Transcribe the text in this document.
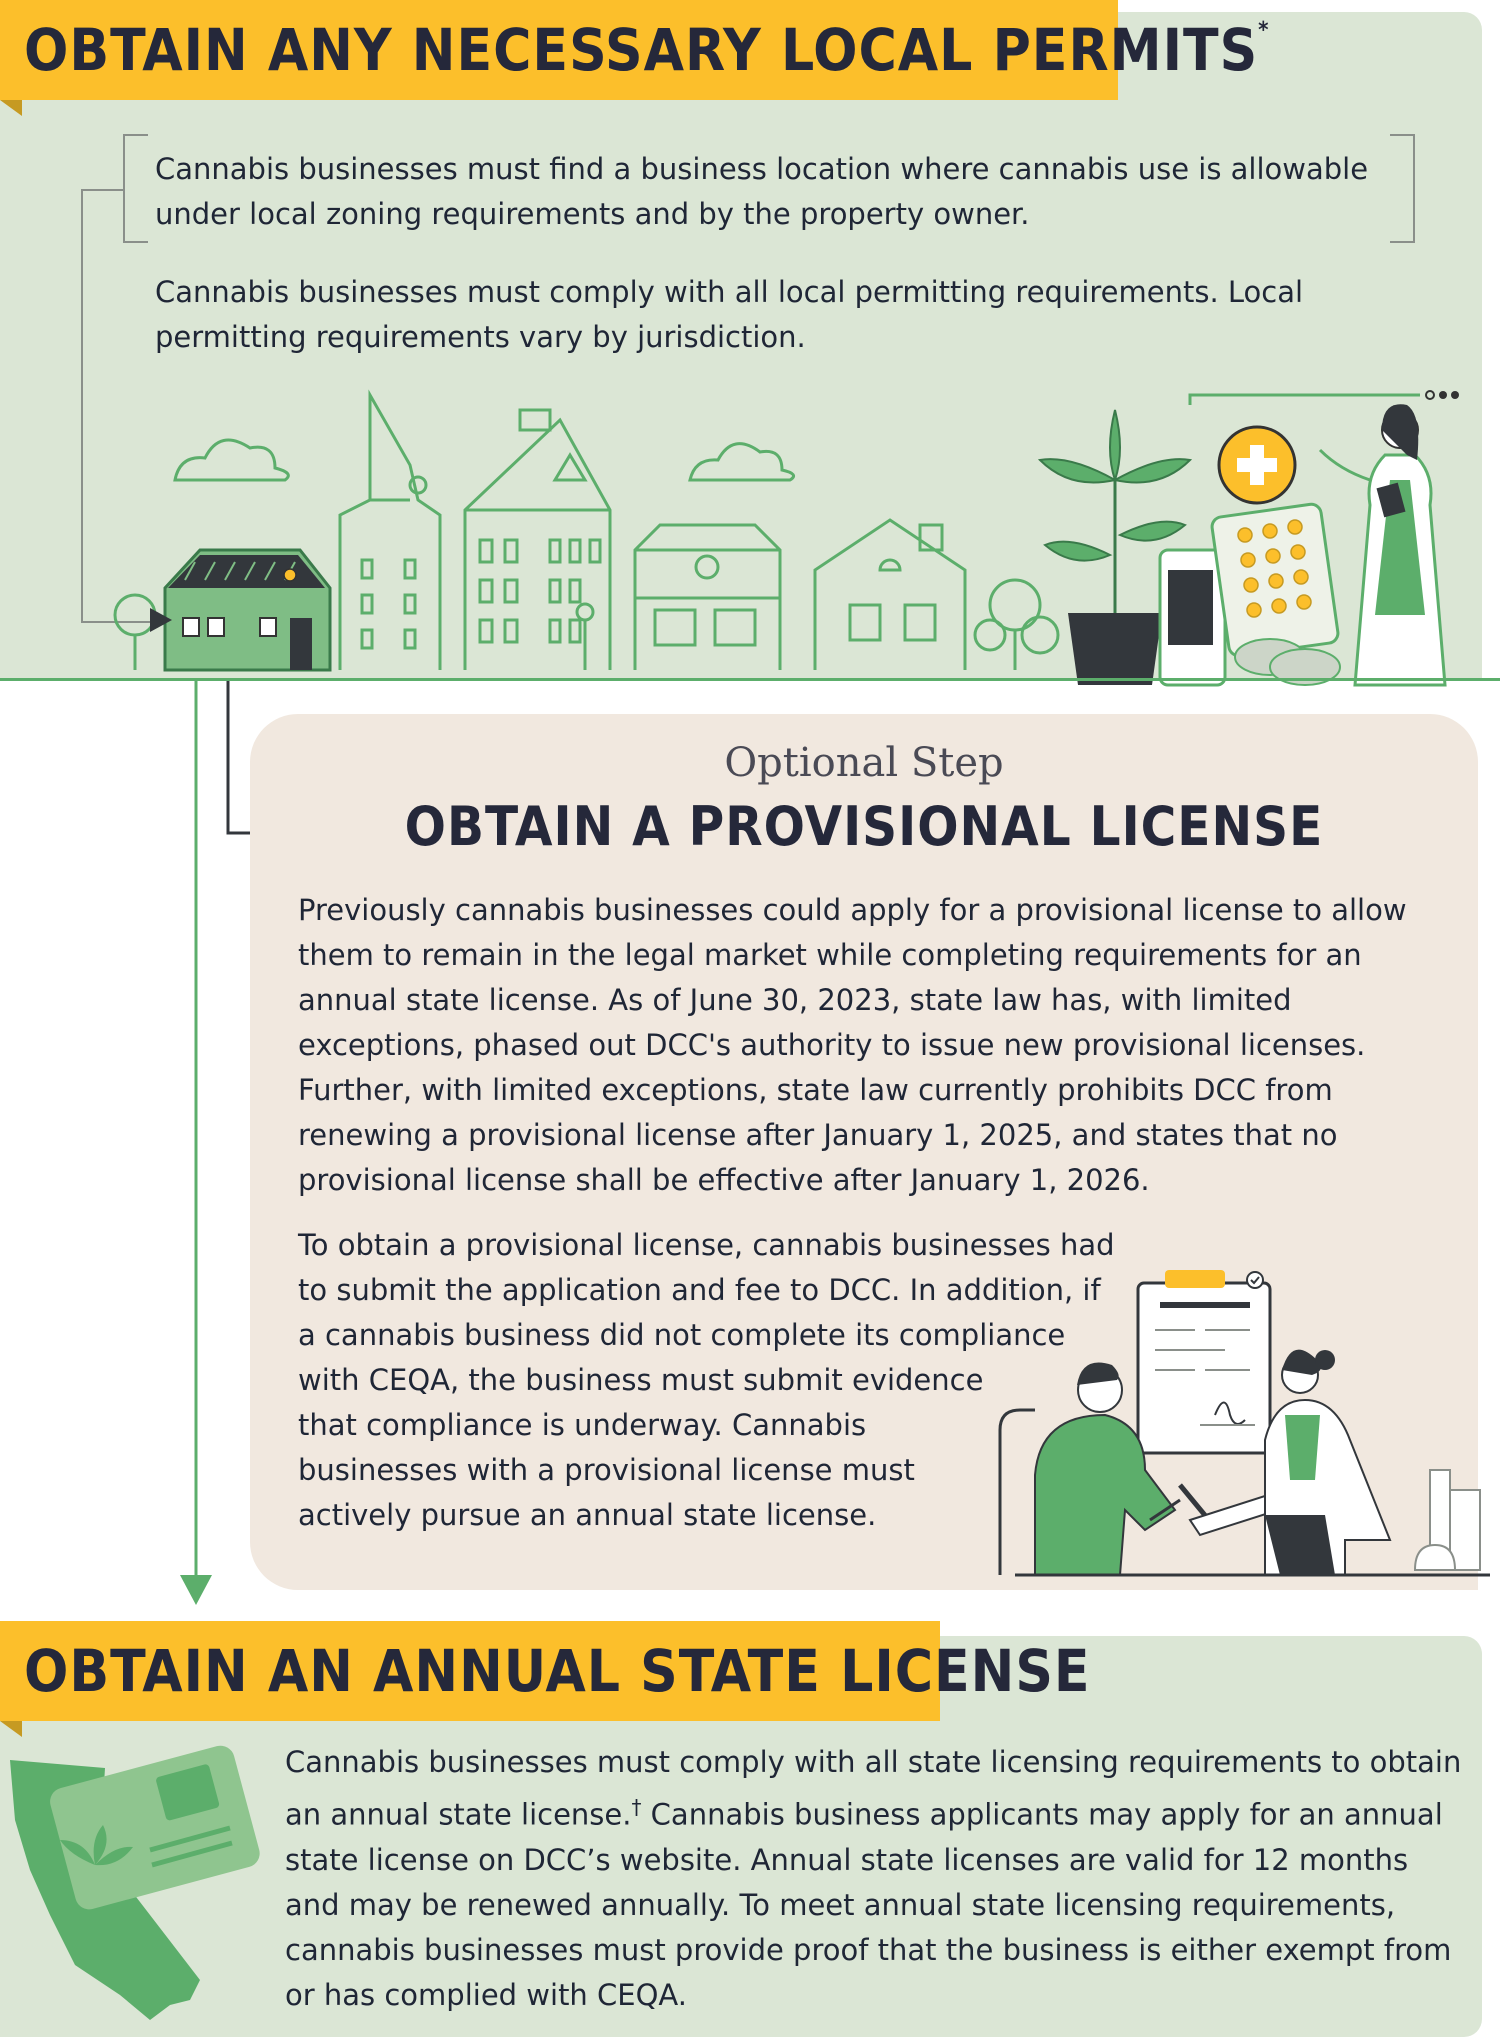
OBTAIN ANY NECESSARY LOCAL PERMITS*

Cannabis businesses must find a business location where cannabis use is allowable under local zoning requirements and by the property owner.

Cannabis businesses must comply with all local permitting requirements. Local permitting requirements vary by jurisdiction.

Optional Step
OBTAIN A PROVISIONAL LICENSE

Previously cannabis businesses could apply for a provisional license to allow them to remain in the legal market while completing requirements for an annual state license. As of June 30, 2023, state law has, with limited exceptions, phased out DCC's authority to issue new provisional licenses. Further, with limited exceptions, state law currently prohibits DCC from renewing a provisional license after January 1, 2025, and states that no provisional license shall be effective after January 1, 2026.

To obtain a provisional license, cannabis businesses had
to submit the application and fee to DCC. In addition, if
a cannabis business did not complete its compliance
with CEQA, the business must submit evidence
that compliance is underway. Cannabis
businesses with a provisional license must
actively pursue an annual state license.
OBTAIN AN ANNUAL STATE LICENSE

Cannabis businesses must comply with all state licensing requirements to obtain an annual state license.† Cannabis business applicants may apply for an annual state license on DCC’s website. Annual state licenses are valid for 12 months and may be renewed annually. To meet annual state licensing requirements, cannabis businesses must provide proof that the business is either exempt from or has complied with CEQA.
